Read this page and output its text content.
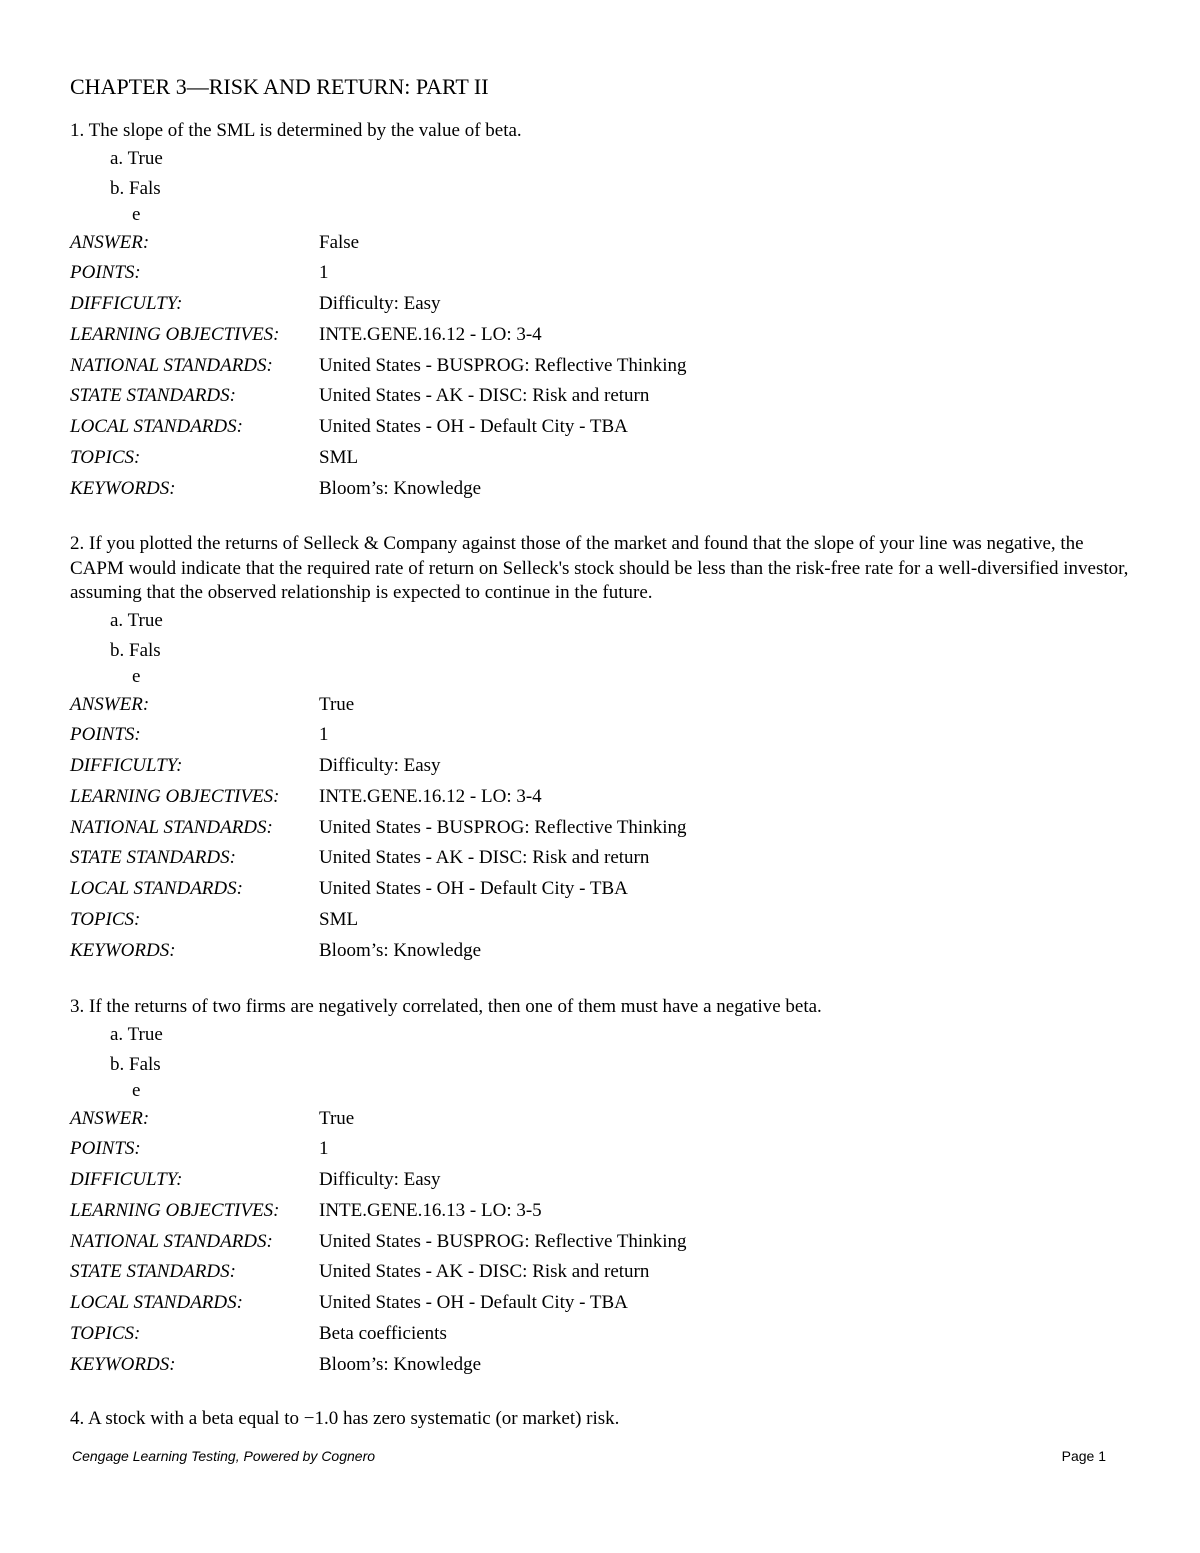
CHAPTER 3—RISK AND RETURN: PART II

1. The slope of the SML is determined by the value of beta.

a. True
b. Fals
e
ANSWER:	False
POINTS:	1
DIFFICULTY:	Difficulty: Easy
LEARNING OBJECTIVES:	INTE.GENE.16.12 - LO: 3-4
NATIONAL STANDARDS:	United States - BUSPROG: Reflective Thinking
STATE STANDARDS:	United States - AK - DISC: Risk and return
LOCAL STANDARDS:	United States - OH - Default City - TBA
TOPICS:	SML
KEYWORDS:	Bloom’s: Knowledge

2. If you plotted the returns of Selleck & Company against those of the market and found that the slope of your line was negative, the CAPM would indicate that the required rate of return on Selleck's stock should be less than the risk-free rate for a well-diversified investor, assuming that the observed relationship is expected to continue in the future.

a. True
b. Fals
e
ANSWER:	True
POINTS:	1
DIFFICULTY:	Difficulty: Easy
LEARNING OBJECTIVES:	INTE.GENE.16.12 - LO: 3-4
NATIONAL STANDARDS:	United States - BUSPROG: Reflective Thinking
STATE STANDARDS:	United States - AK - DISC: Risk and return
LOCAL STANDARDS:	United States - OH - Default City - TBA
TOPICS:	SML
KEYWORDS:	Bloom’s: Knowledge

3. If the returns of two firms are negatively correlated, then one of them must have a negative beta.

a. True
b. Fals
e
ANSWER:	True
POINTS:	1
DIFFICULTY:	Difficulty: Easy
LEARNING OBJECTIVES:	INTE.GENE.16.13 - LO: 3-5
NATIONAL STANDARDS:	United States - BUSPROG: Reflective Thinking
STATE STANDARDS:	United States - AK - DISC: Risk and return
LOCAL STANDARDS:	United States - OH - Default City - TBA
TOPICS:	Beta coefficients
KEYWORDS:	Bloom’s: Knowledge

4. A stock with a beta equal to −1.0 has zero systematic (or market) risk.

Cengage Learning Testing, Powered by Cognero	Page 1
